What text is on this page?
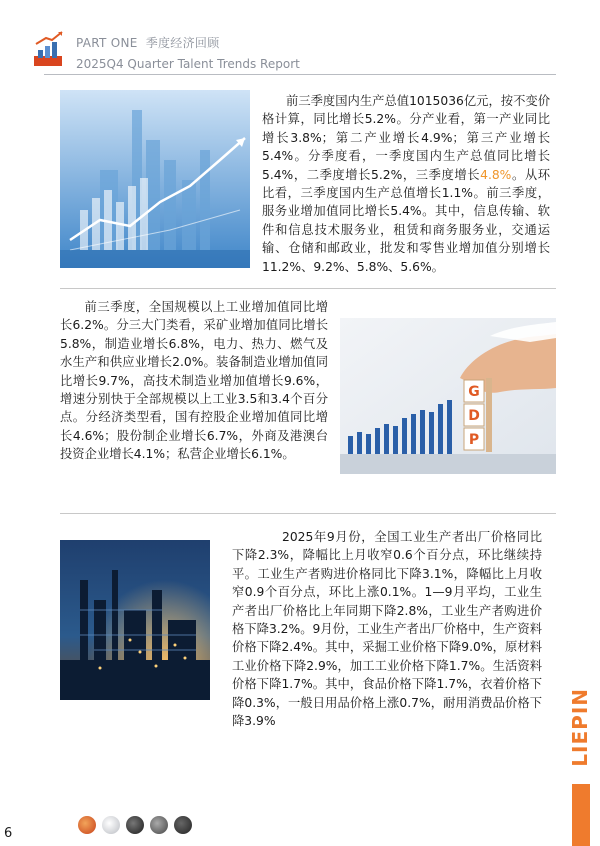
PART ONE 季度经济回顾
2025Q4 Quarter Talent Trends Report
前三季度国内生产总值1015036亿元，按不变价格计算，同比增长5.2%。分产业看，第一产业同比增长3.8%；第二产业增长4.9%；第三产业增长5.4%。分季度看，一季度国内生产总值同比增长5.4%，二季度增长5.2%，三季度增长4.8%。从环比看，三季度国内生产总值增长1.1%。前三季度，服务业增加值同比增长5.4%。其中，信息传输、软件和信息技术服务业，租赁和商务服务业，交通运输、仓储和邮政业，批发和零售业增加值分别增长11.2%、9.2%、5.8%、5.6%。
前三季度，全国规模以上工业增加值同比增长6.2%。分三大门类看，采矿业增加值同比增长5.8%，制造业增长6.8%，电力、热力、燃气及水生产和供应业增长2.0%。装备制造业增加值同比增长9.7%，高技术制造业增加值增长9.6%，增速分别快于全部规模以上工业3.5和3.4个百分点。分经济类型看，国有控股企业增加值同比增长4.6%；股份制企业增长6.7%，外商及港澳台投资企业增长4.1%；私营企业增长6.1%。
G
D
P
2025年9月份，全国工业生产者出厂价格同比下降2.3%，降幅比上月收窄0.6个百分点，环比继续持平。工业生产者购进价格同比下降3.1%，降幅比上月收窄0.9个百分点，环比上涨0.1%。1—9月平均，工业生产者出厂价格比上年同期下降2.8%，工业生产者购进价格下降3.2%。9月份，工业生产者出厂价格中，生产资料价格下降2.4%。其中，采掘工业价格下降9.0%，原材料工业价格下降2.9%，加工工业价格下降1.7%。生活资料价格下降1.7%。其中，食品价格下降1.7%，衣着价格下降0.3%，一般日用品价格上涨0.7%，耐用消费品价格下降3.9%
6
LIEPIN
